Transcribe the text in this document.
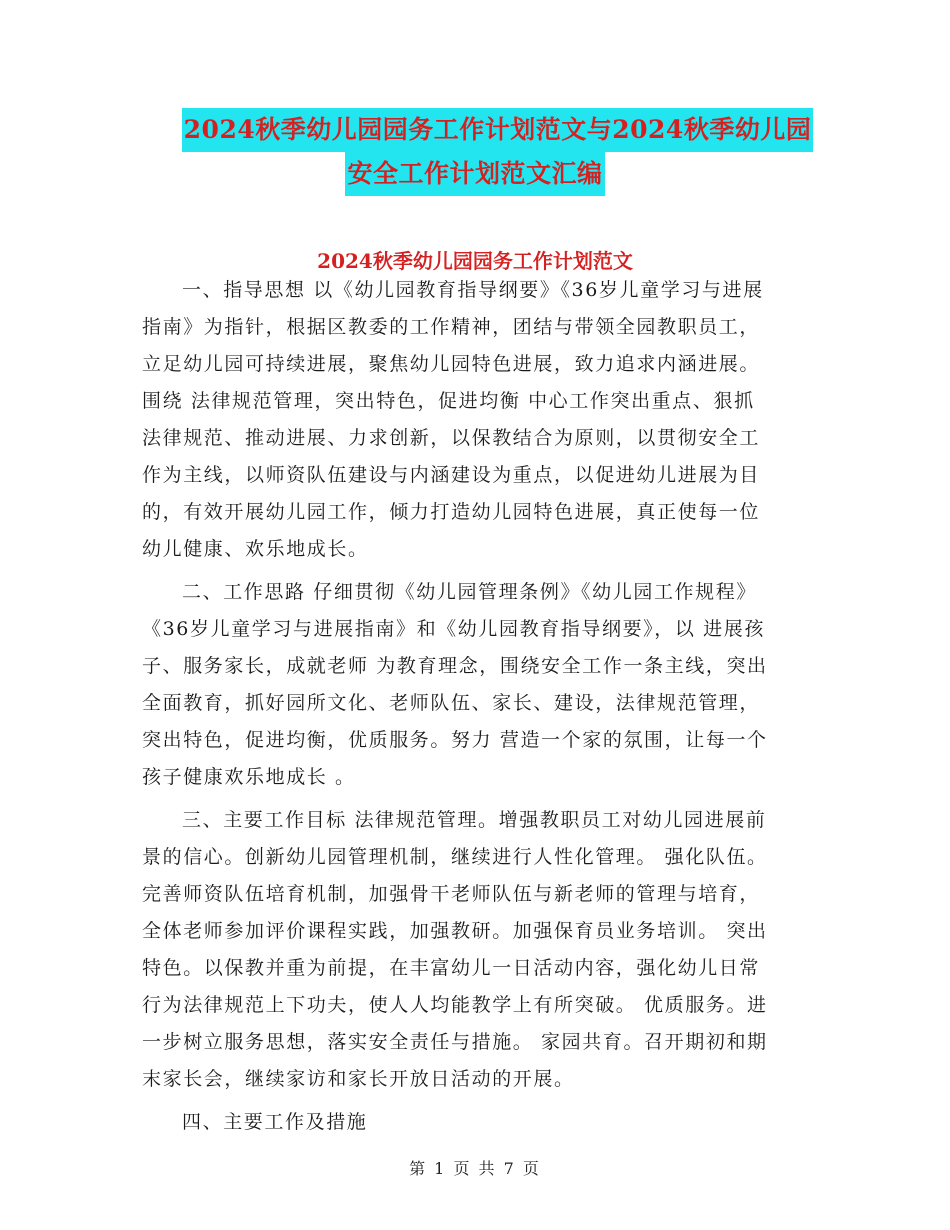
2024秋季幼儿园园务工作计划范文与2024秋季幼儿园
安全工作计划范文汇编
2024秋季幼儿园园务工作计划范文
一、指导思想 以《幼儿园教育指导纲要》《36岁儿童学习与进展
指南》为指针，根据区教委的工作精神，团结与带领全园教职员工，
立足幼儿园可持续进展，聚焦幼儿园特色进展，致力追求内涵进展。
围绕 法律规范管理，突出特色，促进均衡 中心工作突出重点、狠抓
法律规范、推动进展、力求创新，以保教结合为原则，以贯彻安全工
作为主线，以师资队伍建设与内涵建设为重点，以促进幼儿进展为目
的，有效开展幼儿园工作，倾力打造幼儿园特色进展，真正使每一位
幼儿健康、欢乐地成长。
二、工作思路 仔细贯彻《幼儿园管理条例》《幼儿园工作规程》
《36岁儿童学习与进展指南》和《幼儿园教育指导纲要》，以 进展孩
子、服务家长，成就老师 为教育理念，围绕安全工作一条主线，突出
全面教育，抓好园所文化、老师队伍、家长、建设，法律规范管理，
突出特色，促进均衡，优质服务。努力 营造一个家的氛围，让每一个
孩子健康欢乐地成长 。
三、主要工作目标 法律规范管理。增强教职员工对幼儿园进展前
景的信心。创新幼儿园管理机制，继续进行人性化管理。 强化队伍。
完善师资队伍培育机制，加强骨干老师队伍与新老师的管理与培育，
全体老师参加评价课程实践，加强教研。加强保育员业务培训。 突出
特色。以保教并重为前提，在丰富幼儿一日活动内容，强化幼儿日常
行为法律规范上下功夫，使人人均能教学上有所突破。 优质服务。进
一步树立服务思想，落实安全责任与措施。 家园共育。召开期初和期
末家长会，继续家访和家长开放日活动的开展。
四、主要工作及措施
第 1 页 共 7 页
